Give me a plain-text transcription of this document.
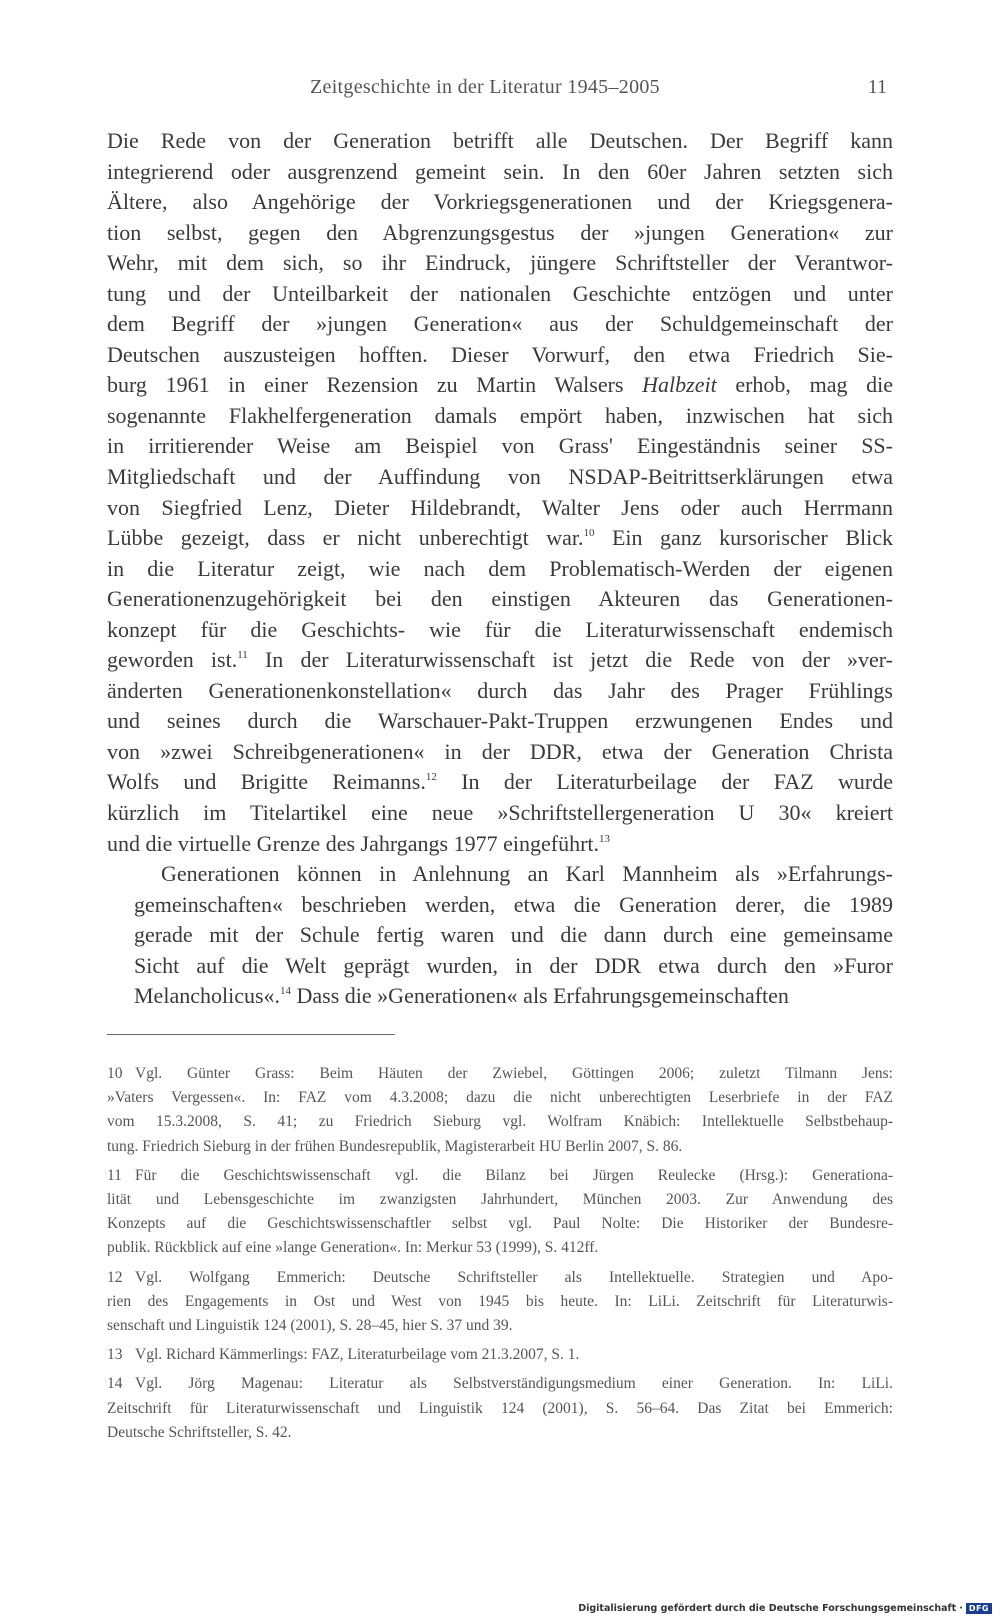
Zeitgeschichte in der Literatur 1945–2005	11

Die Rede von der Generation betrifft alle Deutschen. Der Begriff kann
integrierend oder ausgrenzend gemeint sein. In den 60er Jahren setzten sich
Ältere, also Angehörige der Vorkriegsgenerationen und der Kriegsgenera-
tion selbst, gegen den Abgrenzungsgestus der »jungen Generation« zur
Wehr, mit dem sich, so ihr Eindruck, jüngere Schriftsteller der Verantwor-
tung und der Unteilbarkeit der nationalen Geschichte entzögen und unter
dem Begriff der »jungen Generation« aus der Schuldgemeinschaft der
Deutschen auszusteigen hofften. Dieser Vorwurf, den etwa Friedrich Sie-
burg 1961 in einer Rezension zu Martin Walsers Halbzeit erhob, mag die
sogenannte Flakhelfergeneration damals empört haben, inzwischen hat sich
in irritierender Weise am Beispiel von Grass' Eingeständnis seiner SS-
Mitgliedschaft und der Auffindung von NSDAP-Beitrittserklärungen etwa
von Siegfried Lenz, Dieter Hildebrandt, Walter Jens oder auch Herrmann
Lübbe gezeigt, dass er nicht unberechtigt war.$^{10}$ Ein ganz kursorischer Blick
in die Literatur zeigt, wie nach dem Problematisch-Werden der eigenen
Generationenzugehörigkeit bei den einstigen Akteuren das Generationen-
konzept für die Geschichts- wie für die Literaturwissenschaft endemisch
geworden ist.$^{11}$ In der Literaturwissenschaft ist jetzt die Rede von der »ver-
änderten Generationenkonstellation« durch das Jahr des Prager Frühlings
und seines durch die Warschauer-Pakt-Truppen erzwungenen Endes und
von »zwei Schreibgenerationen« in der DDR, etwa der Generation Christa
Wolfs und Brigitte Reimanns.$^{12}$ In der Literaturbeilage der FAZ wurde
kürzlich im Titelartikel eine neue »Schriftstellergeneration U 30« kreiert
und die virtuelle Grenze des Jahrgangs 1977 eingeführt.$^{13}$

Generationen können in Anlehnung an Karl Mannheim als »Erfahrungs-
gemeinschaften« beschrieben werden, etwa die Generation derer, die 1989
gerade mit der Schule fertig waren und die dann durch eine gemeinsame
Sicht auf die Welt geprägt wurden, in der DDR etwa durch den »Furor
Melancholicus«.$^{14}$ Dass die »Generationen« als Erfahrungsgemeinschaften

10 Vgl. Günter Grass: Beim Häuten der Zwiebel, Göttingen 2006; zuletzt Tilmann Jens:
»Vaters Vergessen«. In: FAZ vom 4.3.2008; dazu die nicht unberechtigten Leserbriefe in der FAZ
vom 15.3.2008, S. 41; zu Friedrich Sieburg vgl. Wolfram Knäbich: Intellektuelle Selbstbehaup-
tung. Friedrich Sieburg in der frühen Bundesrepublik, Magisterarbeit HU Berlin 2007, S. 86.
11 Für die Geschichtswissenschaft vgl. die Bilanz bei Jürgen Reulecke (Hrsg.): Generationa-
lität und Lebensgeschichte im zwanzigsten Jahrhundert, München 2003. Zur Anwendung des
Konzepts auf die Geschichtswissenschaftler selbst vgl. Paul Nolte: Die Historiker der Bundesre-
publik. Rückblick auf eine »lange Generation«. In: Merkur 53 (1999), S. 412ff.
12 Vgl. Wolfgang Emmerich: Deutsche Schriftsteller als Intellektuelle. Strategien und Apo-
rien des Engagements in Ost und West von 1945 bis heute. In: LiLi. Zeitschrift für Literaturwis-
senschaft und Linguistik 124 (2001), S. 28–45, hier S. 37 und 39.
13 Vgl. Richard Kämmerlings: FAZ, Literaturbeilage vom 21.3.2007, S. 1.
14 Vgl. Jörg Magenau: Literatur als Selbstverständigungsmedium einer Generation. In: LiLi.
Zeitschrift für Literaturwissenschaft und Linguistik 124 (2001), S. 56–64. Das Zitat bei Emmerich:
Deutsche Schriftsteller, S. 42.
Digitalisierung gefördert durch die Deutsche Forschungsgemeinschaft · DFG
